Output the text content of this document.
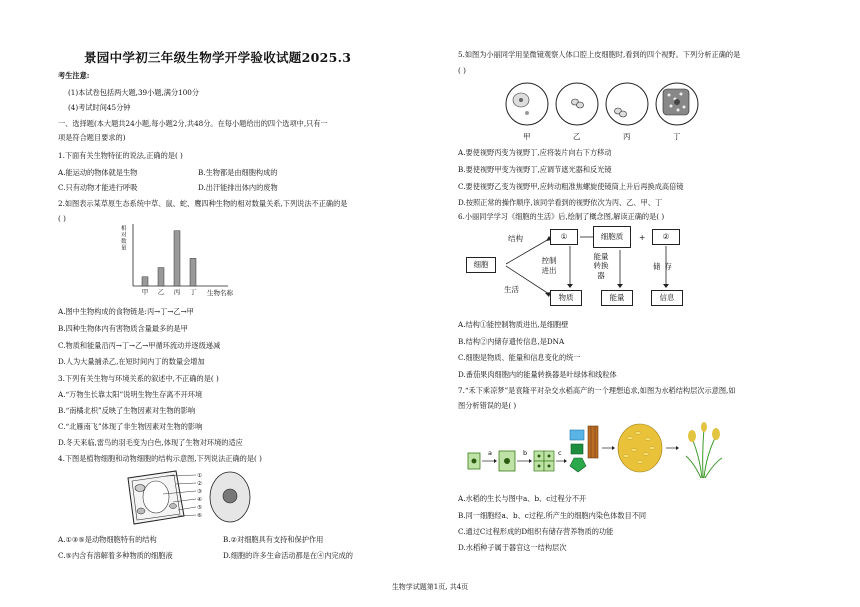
景园中学初三年级生物学开学验收试题2025.3
考生注意:
(1)本试卷包括两大题,39小题,满分100分
(4)考试时间45分钟
一、选择题(本大题共24小题,每小题2分,共48分。在每小题给出的四个选项中,只有一
项是符合题目要求的)
1.下面有关生物特征的说法,正确的是( )
A.能运动的物体就是生物	B.生物都是由细胞构成的
C.只有动物才能进行呼吸	D.出汗能排出体内的废物
2.如图表示某草原生态系统中草、鼠、蛇、鹰四种生物的相对数量关系,下列说法不正确的是
( )
相对数量
甲 乙 丙 丁 生物名称
A.图中生物构成的食物链是:丙→丁→乙→甲
B.四种生物体内有害物质含量最多的是甲
C.物质和能量沿丙→丁→乙→甲循环流动并逐级递减
D.人为大量捕杀乙,在短时间内丁的数量会增加
3.下列有关生物与环境关系的叙述中,不正确的是( )
A.“万物生长靠太阳”说明生物生存离不开环境
B.“南橘北枳”反映了生物因素对生物的影响
C.“北雁南飞”体现了非生物因素对生物的影响
D.冬天来临,雷鸟的羽毛变为白色,体现了生物对环境的适应
4.下图是植物细胞和动物细胞的结构示意图,下列说法正确的是( )
①
②
③
④
⑤
⑥
A.①③⑤是动物细胞特有的结构	B.②对细胞具有支持和保护作用
C.⑤内含有溶解着多种物质的细胞液	D.细胞的许多生命活动都是在④内完成的
5.如图为小丽同学用显微镜观察人体口腔上皮细胞时,看到的四个视野。下列分析正确的是
( )
甲	乙	丙	丁
A.要使视野丙变为视野丁,应将装片向右下方移动
B.要使视野甲变为视野丁,应调节遮光器和反光镜
C.要使视野乙变为视野甲,应转动粗准焦螺旋使镜筒上升后再换成高倍镜
D.按照正常的操作顺序,该同学看到的视野依次为丙、乙、甲、丁
6.小丽同学学习《细胞的生活》后,绘制了概念图,解读正确的是( )
细胞
结构
生活
①	细胞质	+	②
控制进出
能量转换器
储存
物质	能量	信息
A.结构①能控制物质进出,是细胞壁
B.结构②内储存遗传信息,是DNA
C.细胞是物质、能量和信息变化的统一
D.番茄果肉细胞内的能量转换器是叶绿体和线粒体
7.“禾下乘凉梦”是袁隆平对杂交水稻高产的一个理想追求,如图为水稻结构层次示意图,如
图分析错误的是( )
a	b	c
A.水稻的生长与图中a、b、c过程分不开
B.同一细胞经a、b、c过程,所产生的细胞内染色体数目不同
C.通过C过程形成的D组织有储存营养物质的功能
D.水稻种子属于器官这一结构层次
生物学试题第1页, 共4页
